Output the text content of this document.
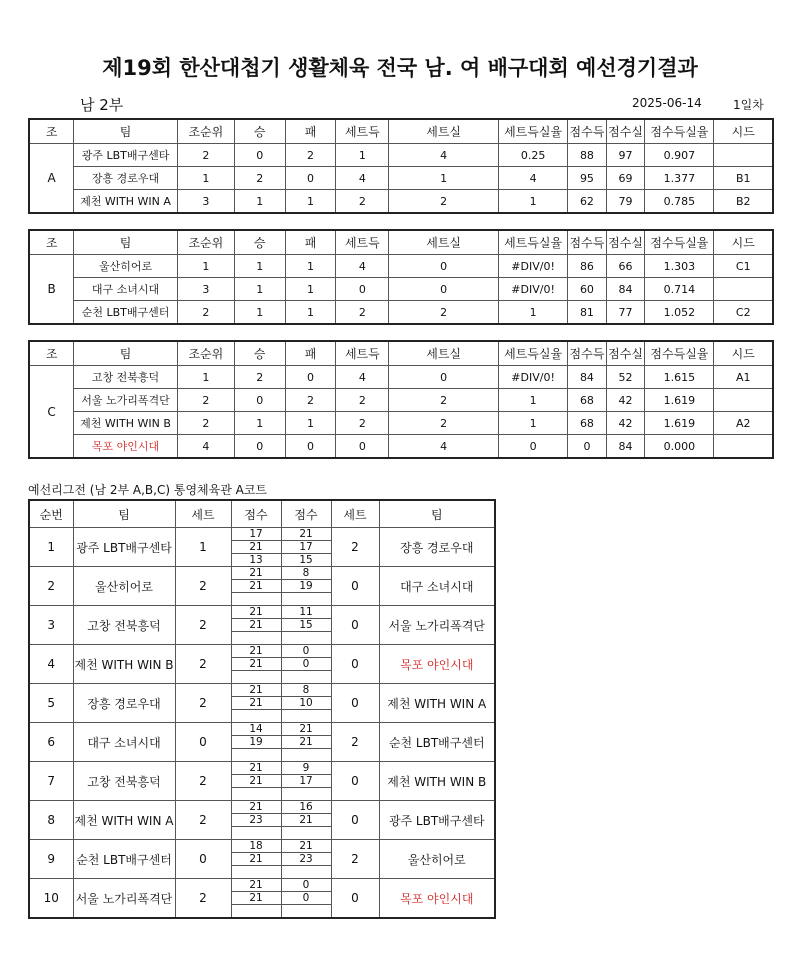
제19회 한산대첩기 생활체육 전국 남. 여 배구대회 예선경기결과
남 2부	2025-06-14	1일차
조	팀	조순위	승	패	세트득	세트실	세트득실율	점수득	점수실	점수득실율	시드
A	광주 LBT배구센타	2	0	2	1	4	0.25	88	97	0.907	
	장흥 경로우대	1	2	0	4	1	4	95	69	1.377	B1
	제천 WITH WIN A	3	1	1	2	2	1	62	79	0.785	B2
조	팀	조순위	승	패	세트득	세트실	세트득실율	점수득	점수실	점수득실율	시드
B	울산히어로	1	1	1	4	0	#DIV/0!	86	66	1.303	C1
	대구 소녀시대	3	1	1	0	0	#DIV/0!	60	84	0.714	
	순천 LBT배구센터	2	1	1	2	2	1	81	77	1.052	C2
조	팀	조순위	승	패	세트득	세트실	세트득실율	점수득	점수실	점수득실율	시드
C	고창 전북흥덕	1	2	0	4	0	#DIV/0!	84	52	1.615	A1
	서울 노가리폭격단	2	0	2	2	2	1	68	42	1.619	
	제천 WITH WIN B	2	1	1	2	2	1	68	42	1.619	A2
	목포 야인시대	4	0	0	0	4	0	0	84	0.000	
예선리그전 (남 2부 A,B,C) 통영체육관 A코트
순번	팀	세트	점수	점수	세트	팀
1	광주 LBT배구센타	1	17	21	2	장흥 경로우대
			21	17		
			13	15		
2	울산히어로	2	21	8	0	대구 소녀시대
			21	19		

3	고창 전북흥덕	2	21	11	0	서울 노가리폭격단
			21	15		

4	제천 WITH WIN B	2	21	0	0	목포 야인시대
			21	0		

5	장흥 경로우대	2	21	8	0	제천 WITH WIN A
			21	10		

6	대구 소녀시대	0	14	21	2	순천 LBT배구센터
			19	21		

7	고창 전북흥덕	2	21	9	0	제천 WITH WIN B
			21	17		

8	제천 WITH WIN A	2	21	16	0	광주 LBT배구센타
			23	21		

9	순천 LBT배구센터	0	18	21	2	울산히어로
			21	23		

10	서울 노가리폭격단	2	21	0	0	목포 야인시대
			21	0		
